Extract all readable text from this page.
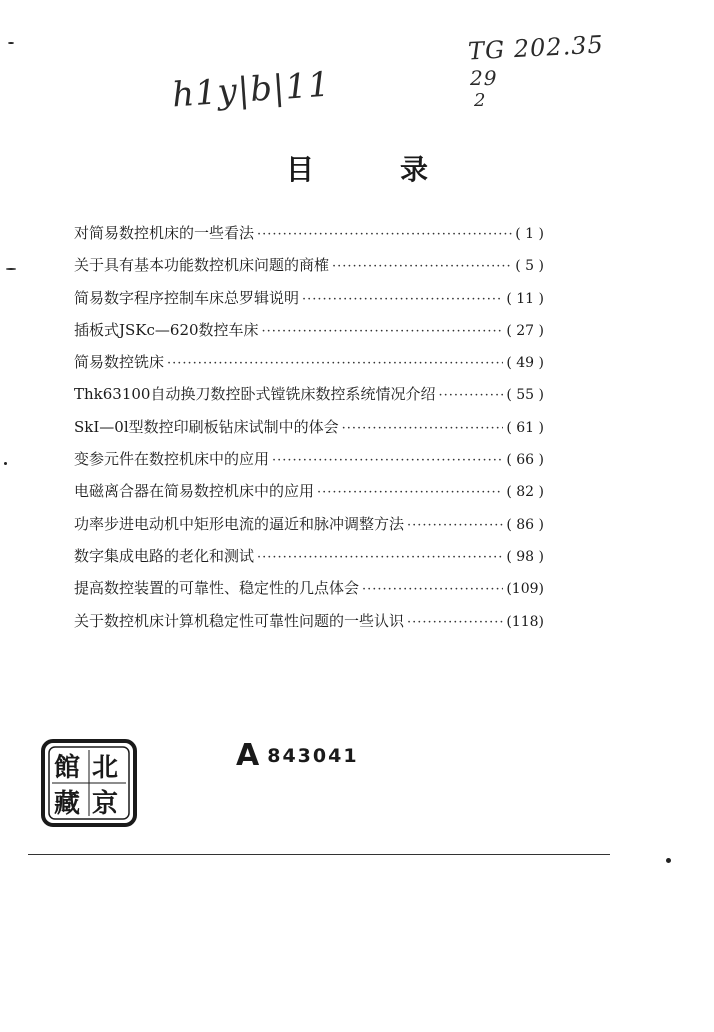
h1y|b|11
TG 202.35
29
2
目	录
对简易数控机床的一些看法 ·····	( 1 )
关于具有基本功能数控机床问题的商榷 ·····	( 5 )
简易数字程序控制车床总罗辑说明 ·····	( 11 )
插板式JSKc—620数控车床 ·····	( 27 )
简易数控铣床 ·····	( 49 )
Thk63100自动换刀数控卧式镗铣床数控系统情况介绍 ·····	( 55 )
SkI—0l型数控印刷板钻床试制中的体会 ·····	( 61 )
变参元件在数控机床中的应用 ·····	( 66 )
电磁离合器在简易数控机床中的应用 ·····	( 82 )
功率步进电动机中矩形电流的逼近和脉冲调整方法 ·····	( 86 )
数字集成电路的老化和测试 ·····	( 98 )
提高数控装置的可靠性、稳定性的几点体会 ·····	(109)
关于数控机床计算机稳定性可靠性问题的一些认识 ·····	(118)
館 北
藏 京
A 843041
